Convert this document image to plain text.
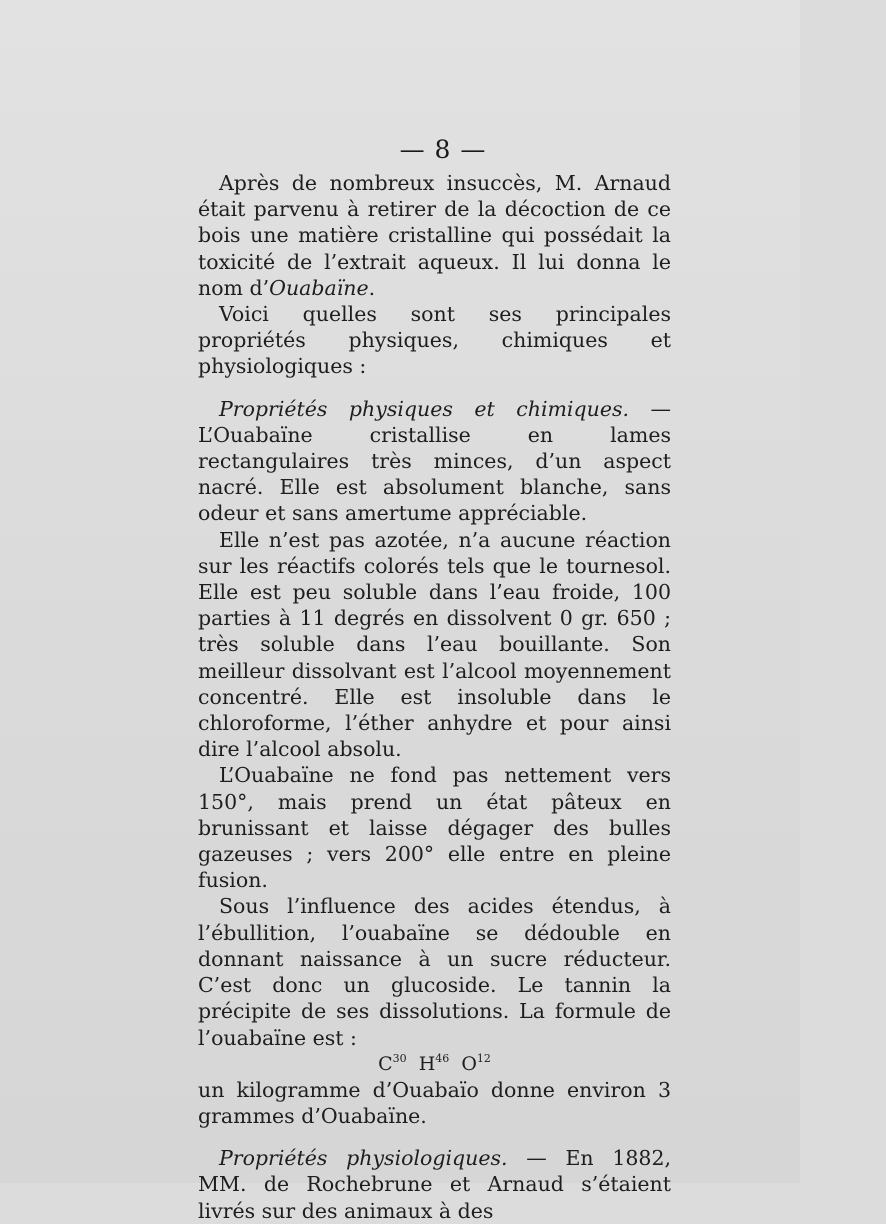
— 8 —

Après de nombreux insuccès, M. Arnaud était parvenu à retirer de la décoction de ce bois une matière cristalline qui possédait la toxicité de l’extrait aqueux. Il lui donna le nom d’Ouabaïne.

Voici quelles sont ses principales propriétés physiques, chimiques et physiologiques :

Propriétés physiques et chimiques. — L’Ouabaïne cristallise en lames rectangulaires très minces, d’un aspect nacré. Elle est absolument blanche, sans odeur et sans amertume appréciable.

Elle n’est pas azotée, n’a aucune réaction sur les réactifs colorés tels que le tournesol. Elle est peu soluble dans l’eau froide, 100 parties à 11 degrés en dissolvent 0 gr. 650 ; très soluble dans l’eau bouillante. Son meilleur dissolvant est l’alcool moyennement concentré. Elle est insoluble dans le chloroforme, l’éther anhydre et pour ainsi dire l’alcool absolu.

L’Ouabaïne ne fond pas nettement vers 150°, mais prend un état pâteux en brunissant et laisse dégager des bulles gazeuses ; vers 200° elle entre en pleine fusion.

Sous l’influence des acides étendus, à l’ébullition, l’ouabaïne se dédouble en donnant naissance à un sucre réducteur. C’est donc un glucoside. Le tannin la précipite de ses dissolutions. La formule de l’ouabaïne est :

$C^{30}$ $H^{46}$ $O^{12}$

un kilogramme d’Ouabaïo donne environ 3 grammes d’Ouabaïne.

Propriétés physiologiques. — En 1882, MM. de Rochebrune et Arnaud s’étaient livrés sur des animaux à des
